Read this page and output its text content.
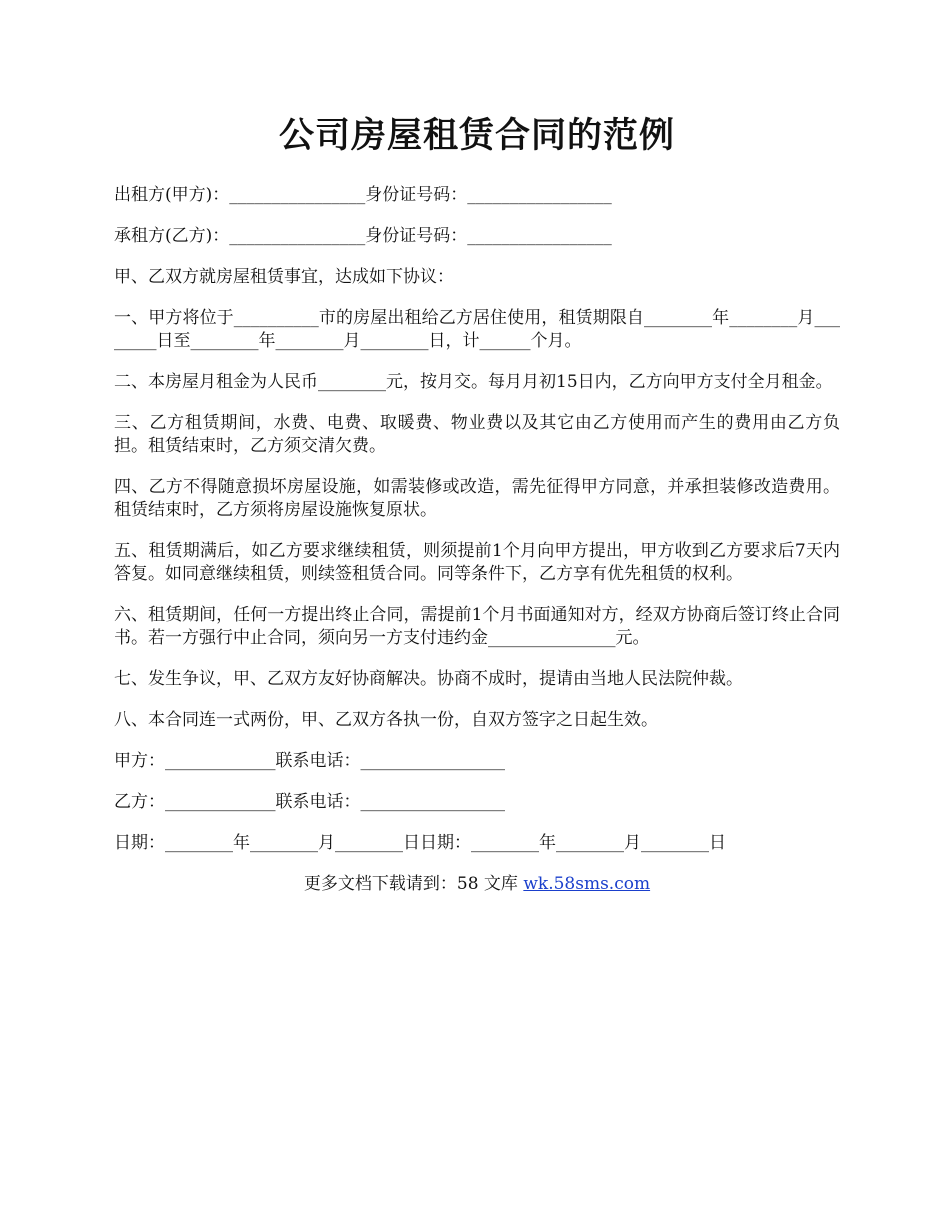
公司房屋租赁合同的范例

出租方(甲方)：________________身份证号码：_________________

承租方(乙方)：________________身份证号码：_________________

甲、乙双方就房屋租赁事宜，达成如下协议：

一、甲方将位于__________市的房屋出租给乙方居住使用，租赁期限自________年________月________日至________年________月________日，计______个月。

二、本房屋月租金为人民币________元，按月交。每月月初15日内，乙方向甲方支付全月租金。

三、乙方租赁期间，水费、电费、取暖费、物业费以及其它由乙方使用而产生的费用由乙方负担。租赁结束时，乙方须交清欠费。

四、乙方不得随意损坏房屋设施，如需装修或改造，需先征得甲方同意，并承担装修改造费用。租赁结束时，乙方须将房屋设施恢复原状。

五、租赁期满后，如乙方要求继续租赁，则须提前1个月向甲方提出，甲方收到乙方要求后7天内答复。如同意继续租赁，则续签租赁合同。同等条件下，乙方享有优先租赁的权利。

六、租赁期间，任何一方提出终止合同，需提前1个月书面通知对方，经双方协商后签订终止合同书。若一方强行中止合同，须向另一方支付违约金_______________元。

七、发生争议，甲、乙双方友好协商解决。协商不成时，提请由当地人民法院仲裁。

八、本合同连一式两份，甲、乙双方各执一份，自双方签字之日起生效。

甲方：_____________联系电话：_________________

乙方：_____________联系电话：_________________

日期：________年________月________日日期：________年________月________日

更多文档下载请到：58 文库 wk.58sms.com
